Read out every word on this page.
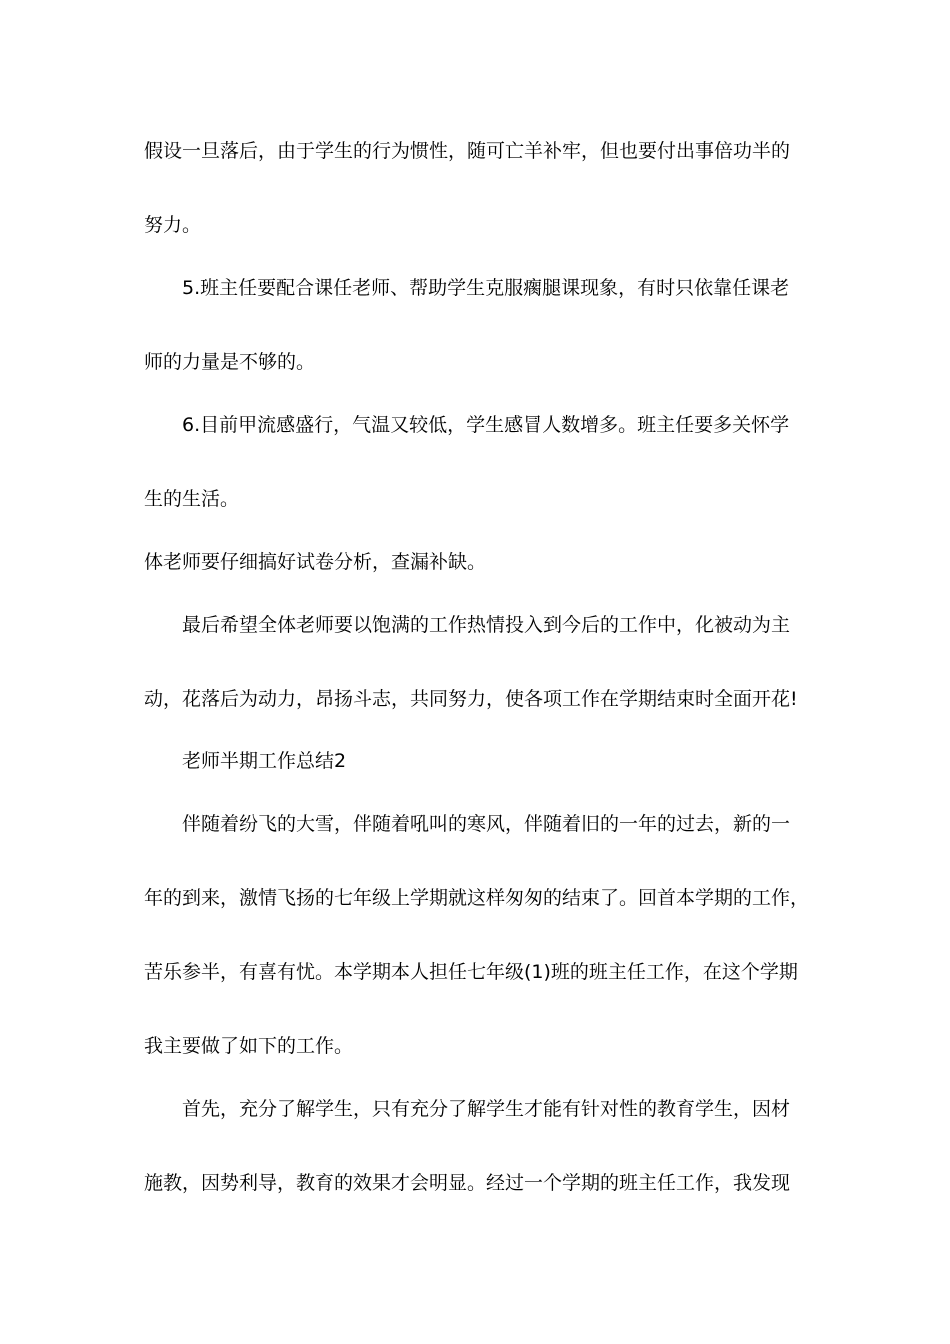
假设一旦落后，由于学生的行为惯性，随可亡羊补牢，但也要付出事倍功半的

努力。

5.班主任要配合课任老师、帮助学生克服瘸腿课现象，有时只依靠任课老

师的力量是不够的。

6.目前甲流感盛行，气温又较低，学生感冒人数增多。班主任要多关怀学

生的生活。

体老师要仔细搞好试卷分析，查漏补缺。

最后希望全体老师要以饱满的工作热情投入到今后的工作中，化被动为主

动，花落后为动力，昂扬斗志，共同努力，使各项工作在学期结束时全面开花!

老师半期工作总结2

伴随着纷飞的大雪，伴随着吼叫的寒风，伴随着旧的一年的过去，新的一

年的到来，激情飞扬的七年级上学期就这样匆匆的结束了。回首本学期的工作，

苦乐参半，有喜有忧。本学期本人担任七年级(1)班的班主任工作，在这个学期

我主要做了如下的工作。

首先，充分了解学生，只有充分了解学生才能有针对性的教育学生，因材

施教，因势利导，教育的效果才会明显。经过一个学期的班主任工作，我发现
